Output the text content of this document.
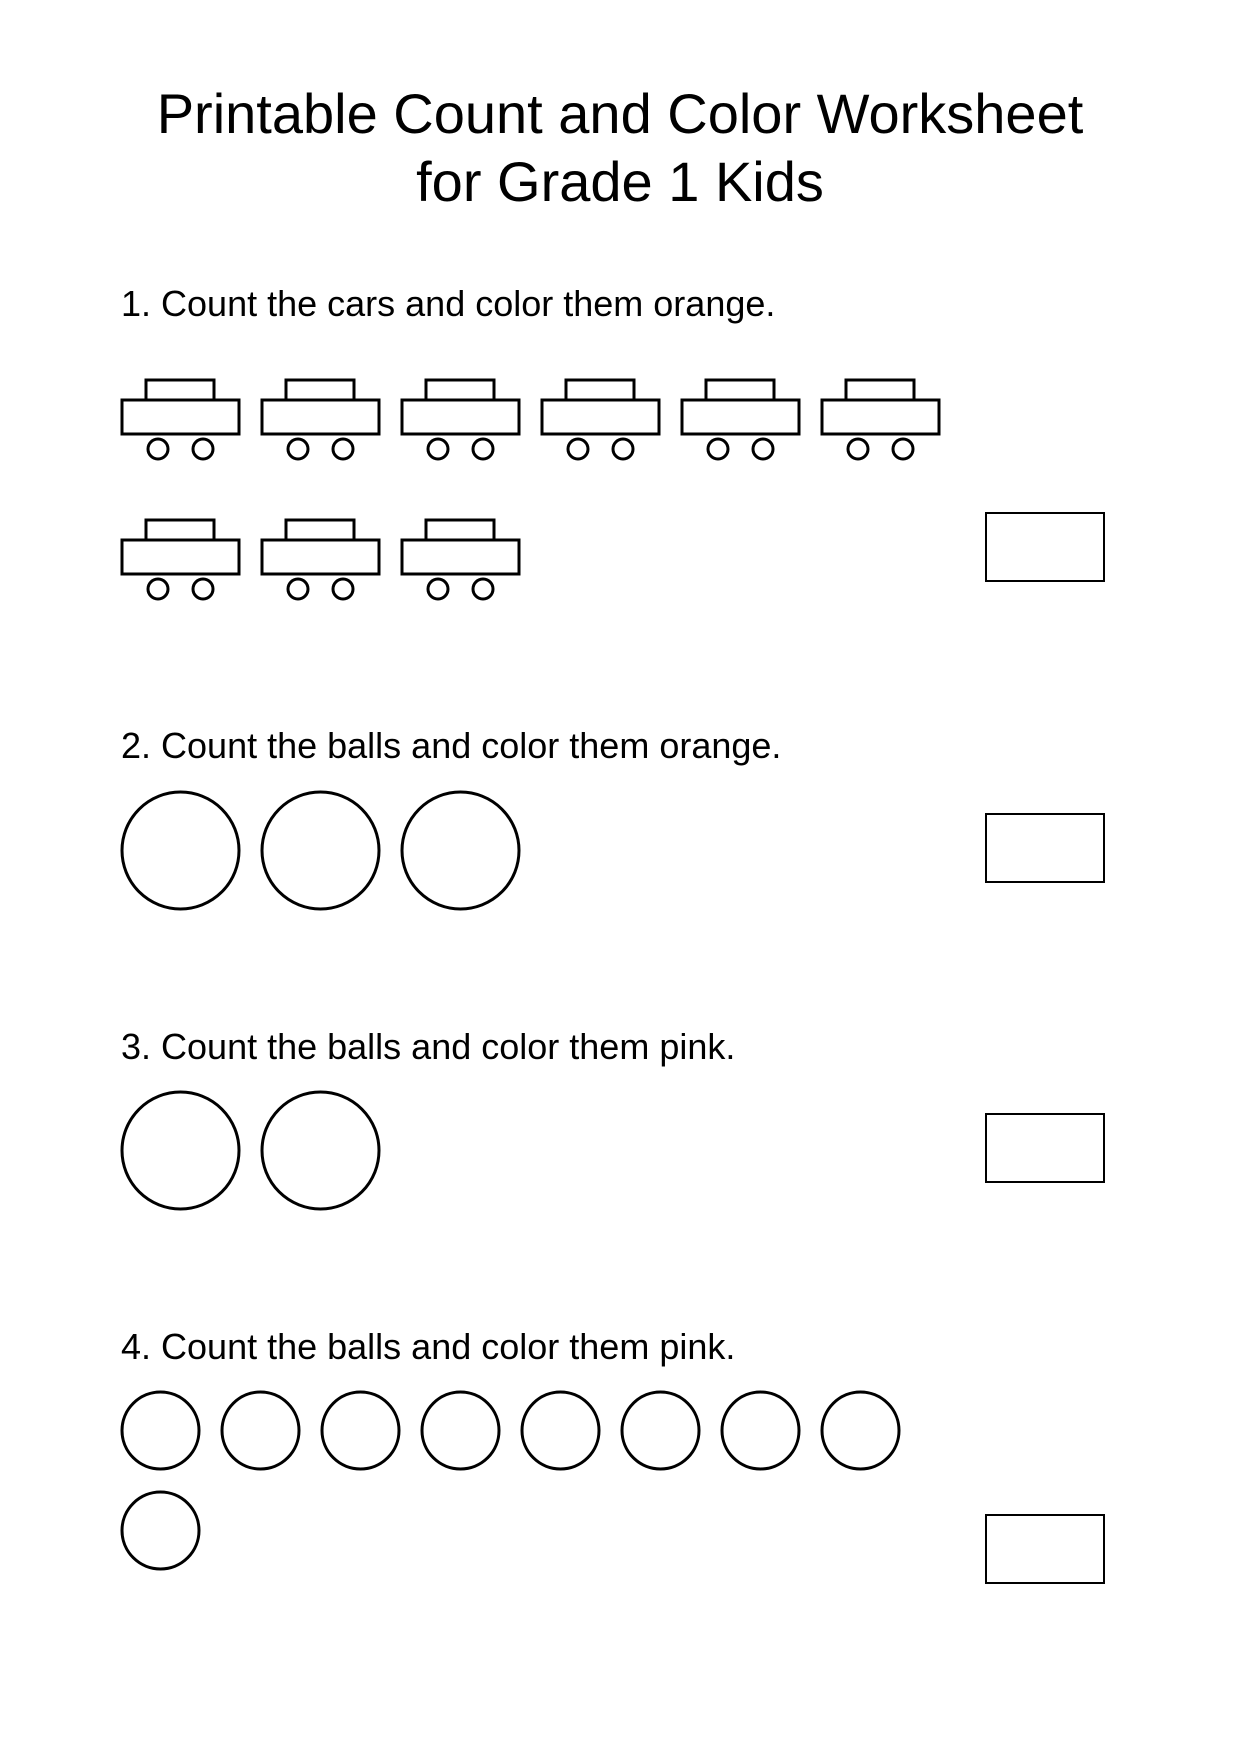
Printable Count and Color Worksheet
for Grade 1 Kids

1. Count the cars and color them orange.

2. Count the balls and color them orange.

3. Count the balls and color them pink.

4. Count the balls and color them pink.
